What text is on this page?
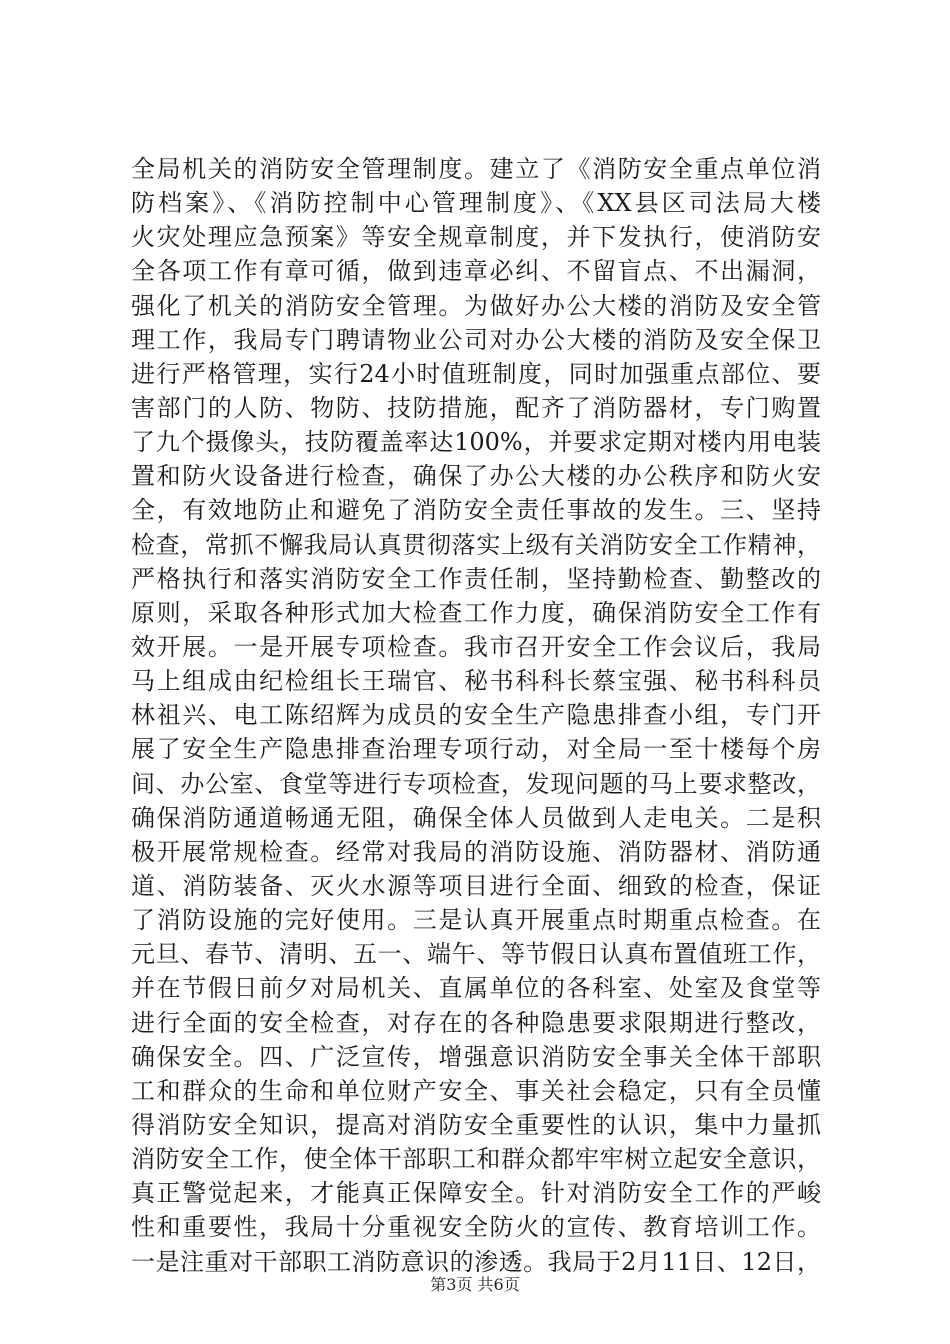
全局机关的消防安全管理制度。建立了《消防安全重点单位消
防档案》、《消防控制中心管理制度》、《XX县区司法局大楼
火灾处理应急预案》等安全规章制度，并下发执行，使消防安
全各项工作有章可循，做到违章必纠、不留盲点、不出漏洞，
强化了机关的消防安全管理。为做好办公大楼的消防及安全管
理工作，我局专门聘请物业公司对办公大楼的消防及安全保卫
进行严格管理，实行24小时值班制度，同时加强重点部位、要
害部门的人防、物防、技防措施，配齐了消防器材，专门购置
了九个摄像头，技防覆盖率达100%，并要求定期对楼内用电装
置和防火设备进行检查，确保了办公大楼的办公秩序和防火安
全，有效地防止和避免了消防安全责任事故的发生。三、坚持
检查，常抓不懈我局认真贯彻落实上级有关消防安全工作精神，
严格执行和落实消防安全工作责任制，坚持勤检查、勤整改的
原则，采取各种形式加大检查工作力度，确保消防安全工作有
效开展。一是开展专项检查。我市召开安全工作会议后，我局
马上组成由纪检组长王瑞官、秘书科科长蔡宝强、秘书科科员
林祖兴、电工陈绍辉为成员的安全生产隐患排查小组，专门开
展了安全生产隐患排查治理专项行动，对全局一至十楼每个房
间、办公室、食堂等进行专项检查，发现问题的马上要求整改，
确保消防通道畅通无阻，确保全体人员做到人走电关。二是积
极开展常规检查。经常对我局的消防设施、消防器材、消防通
道、消防装备、灭火水源等项目进行全面、细致的检查，保证
了消防设施的完好使用。三是认真开展重点时期重点检查。在
元旦、春节、清明、五一、端午、等节假日认真布置值班工作，
并在节假日前夕对局机关、直属单位的各科室、处室及食堂等
进行全面的安全检查，对存在的各种隐患要求限期进行整改，
确保安全。四、广泛宣传，增强意识消防安全事关全体干部职
工和群众的生命和单位财产安全、事关社会稳定，只有全员懂
得消防安全知识，提高对消防安全重要性的认识，集中力量抓
消防安全工作，使全体干部职工和群众都牢牢树立起安全意识，
真正警觉起来，才能真正保障安全。针对消防安全工作的严峻
性和重要性，我局十分重视安全防火的宣传、教育培训工作。
一是注重对干部职工消防意识的渗透。我局于2月11日、12日，
第3页 共6页
